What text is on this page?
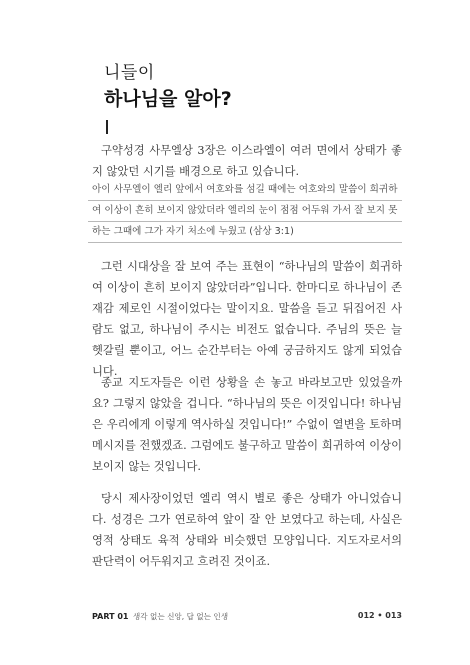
니들이
하나님을 알아?

구약성경 사무엘상 3장은 이스라엘이 여러 면에서 상태가 좋지 않았던 시기를 배경으로 하고 있습니다.

아이 사무엘이 엘리 앞에서 여호와를 섬길 때에는 여호와의 말씀이 희귀하
여 이상이 흔히 보이지 않았더라 엘리의 눈이 점점 어두워 가서 잘 보지 못
하는 그때에 그가 자기 처소에 누웠고 (삼상 3:1)

그런 시대상을 잘 보여 주는 표현이 “하나님의 말씀이 희귀하여 이상이 흔히 보이지 않았더라”입니다. 한마디로 하나님이 존재감 제로인 시절이었다는 말이지요. 말씀을 듣고 뒤집어진 사람도 없고, 하나님이 주시는 비전도 없습니다. 주님의 뜻은 늘 헷갈릴 뿐이고, 어느 순간부터는 아예 궁금하지도 않게 되었습니다.

종교 지도자들은 이런 상황을 손 놓고 바라보고만 있었을까요? 그렇지 않았을 겁니다. “하나님의 뜻은 이것입니다! 하나님은 우리에게 이렇게 역사하실 것입니다!” 수없이 열변을 토하며 메시지를 전했겠죠. 그럼에도 불구하고 말씀이 희귀하여 이상이 보이지 않는 것입니다.

당시 제사장이었던 엘리 역시 별로 좋은 상태가 아니었습니다. 성경은 그가 연로하여 앞이 잘 안 보였다고 하는데, 사실은 영적 상태도 육적 상태와 비슷했던 모양입니다. 지도자로서의 판단력이 어두워지고 흐려진 것이죠.

PART 01 생각 없는 신앙, 답 없는 인생	012 • 013
